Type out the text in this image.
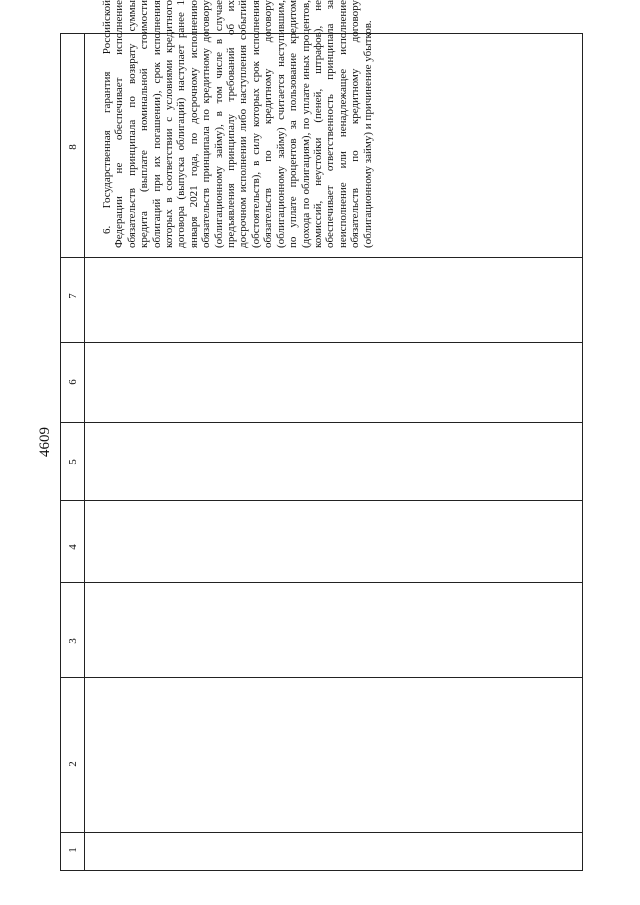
4609
1
2
3
4
5
6
7
8	6. Государственная гарантия Российской Федерации не обеспечивает исполнение обязательств принципала по возврату суммы кредита (выплате номинальной стоимости облигаций при их погашении), срок исполнения которых в соответствии с условиями кредитного договора (выпуска облигаций) наступает ранее 1 января 2021 года, по досрочному исполнению обязательств принципала по кредитному договору (облигационному займу), в том числе в случае предъявления принципалу требований об их досрочном исполнении либо наступления событий (обстоятельств), в силу которых срок исполнения обязательств по кредитному договору (облигационному займу) считается наступившим, по уплате процентов за пользование кредитом (дохода по облигациям), по уплате иных процентов, комиссий, неустойки (пеней, штрафов), не обеспечивает ответственность принципала за неисполнение или ненадлежащее исполнение обязательств по кредитному договору (облигационному займу) и причинение убытков.
